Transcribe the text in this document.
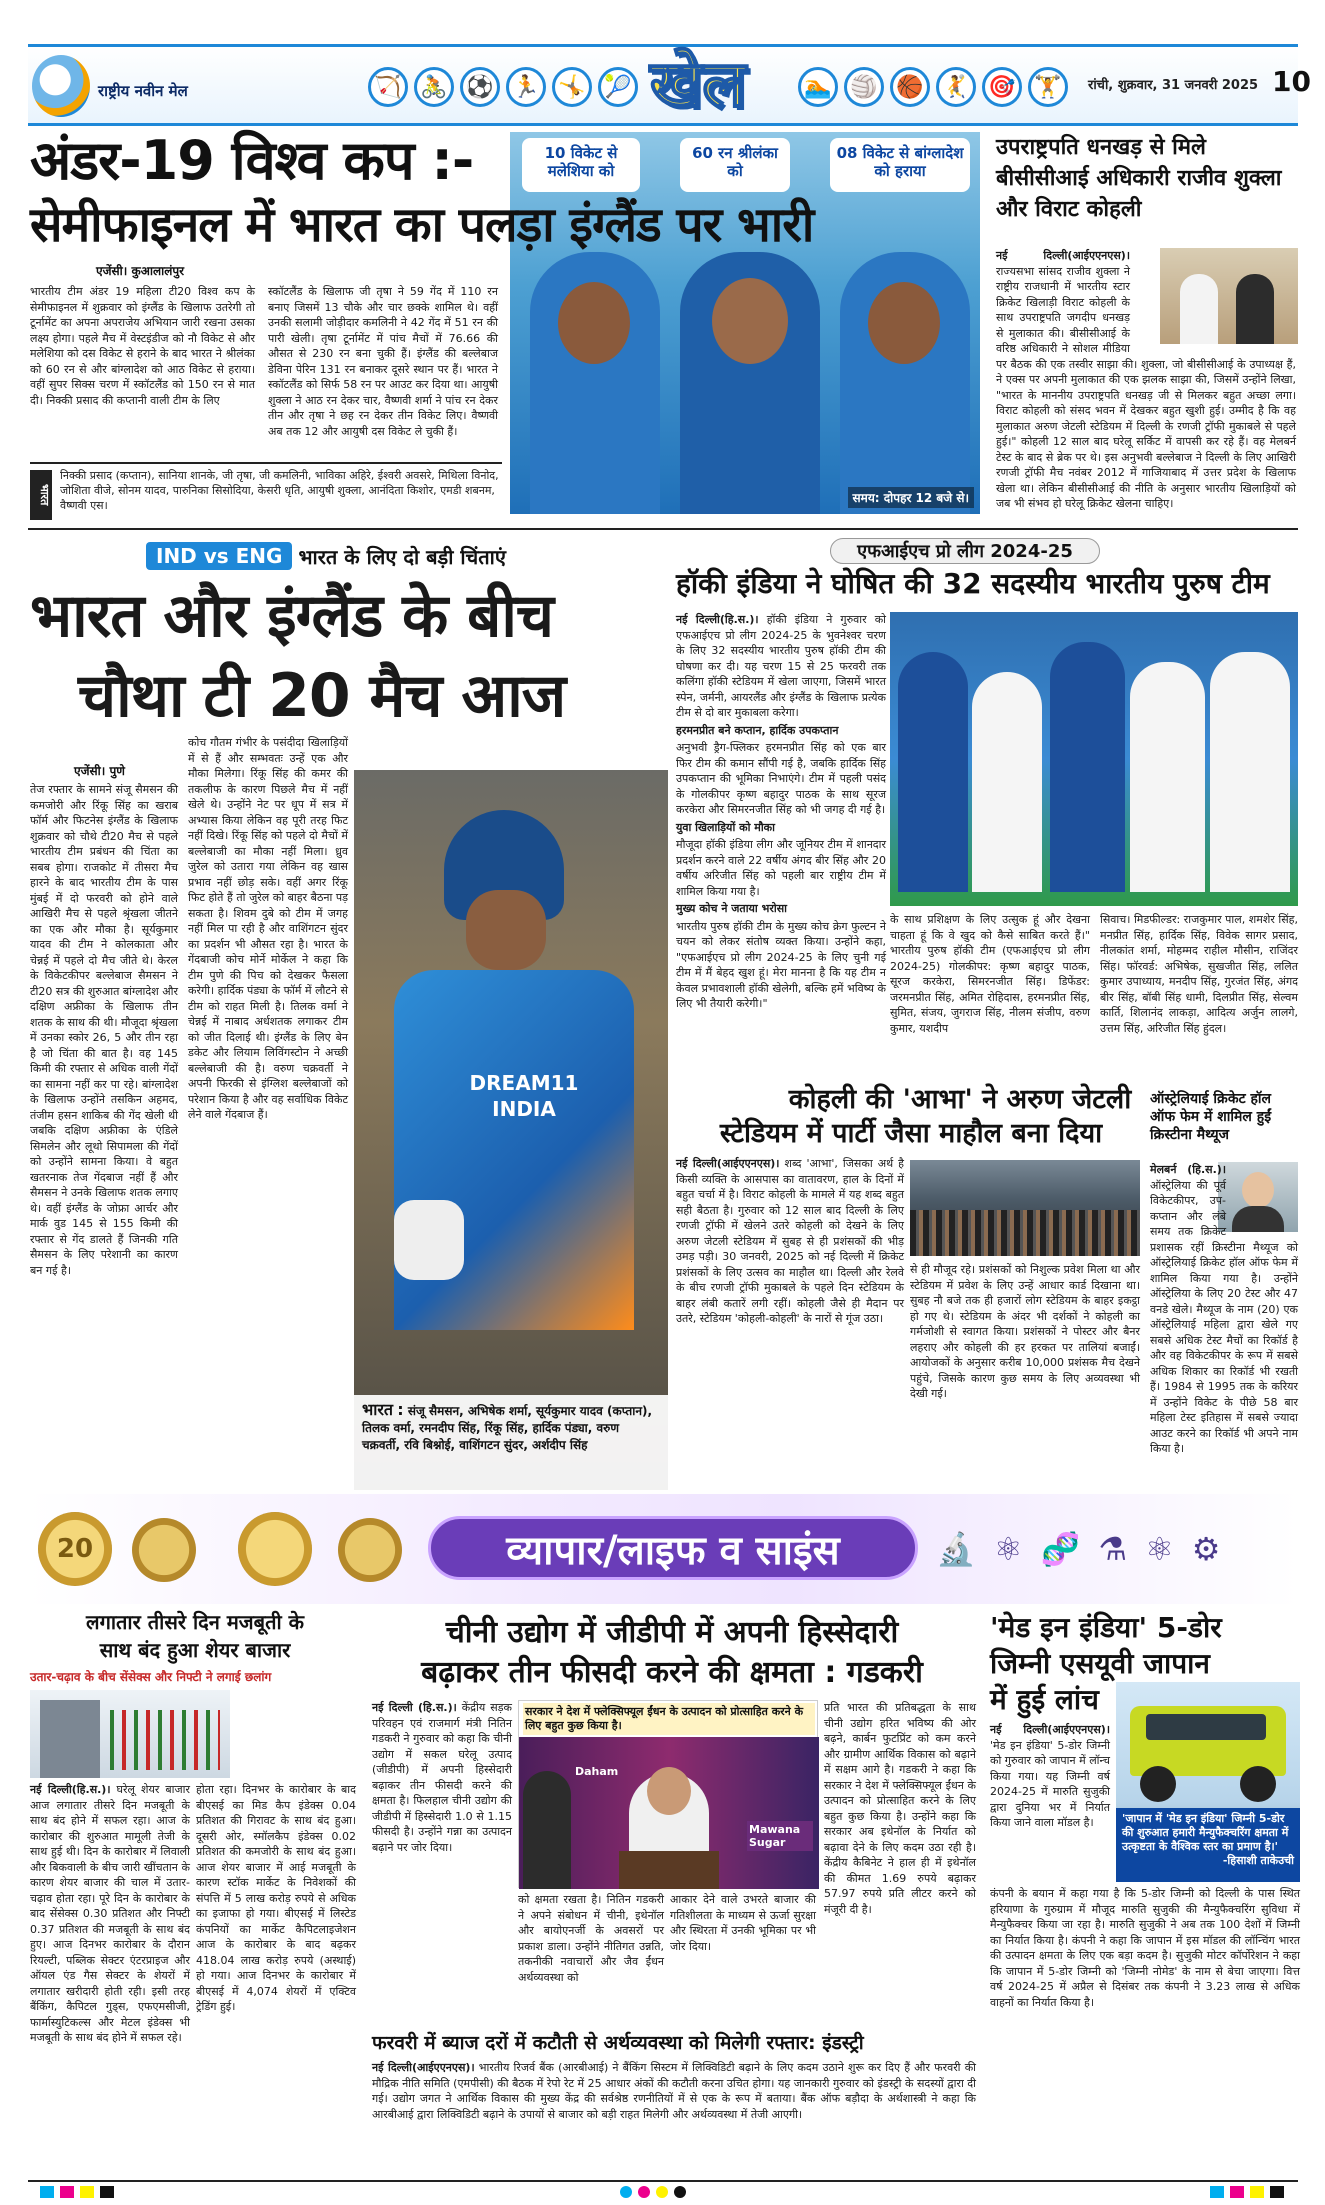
राष्ट्रीय नवीन मेल	🏹 🚴 ⚽ 🏃 🤸 🎾 खेल	🏊 🏐 🏀 🤾 🎯 🏋	रांची, शुक्रवार, 31 जनवरी 2025 10
अंडर-19 विश्व कप :-
सेमीफाइनल में भारत का पलड़ा इंग्लैंड पर भारी
10 विकेट से मलेशिया को
60 रन श्रीलंका को
08 विकेट से बांग्लादेश को हराया
समय: दोपहर 12 बजे से।
एजेंसी। कुआलालंपुर
भारतीय टीम अंडर 19 महिला टी20 विश्व कप के सेमीफाइनल में शुक्रवार को इंग्लैंड के खिलाफ उतरेगी तो टूर्नामेंट का अपना अपराजेय अभियान जारी रखना उसका लक्ष्य होगा। पहले मैच में वेस्टइंडीज को नौ विकेट से और मलेशिया को दस विकेट से हराने के बाद भारत ने श्रीलंका को 60 रन से और बांग्लादेश को आठ विकेट से हराया। वहीं सुपर सिक्स चरण में स्कॉटलैंड को 150 रन से मात दी। निक्की प्रसाद की कप्तानी वाली टीम के लिए
स्कॉटलैंड के खिलाफ जी तृषा ने 59 गेंद में 110 रन बनाए जिसमें 13 चौके और चार छक्के शामिल थे। वहीं उनकी सलामी जोड़ीदार कमलिनी ने 42 गेंद में 51 रन की पारी खेली। तृषा टूर्नामेंट में पांच मैचों में 76.66 की औसत से 230 रन बना चुकी हैं। इंग्लैंड की बल्लेबाज डेविना पेरिन 131 रन बनाकर दूसरे स्थान पर हैं। भारत ने स्कॉटलैंड को सिर्फ 58 रन पर आउट कर दिया था। आयुषी शुक्ला ने आठ रन देकर चार, वैष्णवी शर्मा ने पांच रन देकर तीन और तृषा ने छह रन देकर तीन विकेट लिए। वैष्णवी अब तक 12 और आयुषी दस विकेट ले चुकी हैं।
भारत
निक्की प्रसाद (कप्तान), सानिया शानके, जी तृषा, जी कमलिनी, भाविका अहिरे, ईश्वरी अवसरे, मिथिला विनोद, जोशिता वीजे, सोनम यादव, पारुनिका सिसोदिया, केसरी धृति, आयुषी शुक्ला, आनंदिता किशोर, एमडी शबनम, वैष्णवी एस।
उपराष्ट्रपति धनखड़ से मिले बीसीसीआई अधिकारी राजीव शुक्ला और विराट कोहली
नई दिल्ली(आईएएनएस)। राज्यसभा सांसद राजीव शुक्ला ने राष्ट्रीय राजधानी में भारतीय स्टार क्रिकेट खिलाड़ी विराट कोहली के साथ उपराष्ट्रपति जगदीप धनखड़ से मुलाकात की। बीसीसीआई के वरिष्ठ अधिकारी ने सोशल मीडिया पर बैठक की एक तस्वीर साझा की। शुक्ला, जो बीसीसीआई के उपाध्यक्ष हैं, ने एक्स पर अपनी मुलाकात की एक झलक साझा की, जिसमें उन्होंने लिखा, "भारत के माननीय उपराष्ट्रपति धनखड़ जी से मिलकर बहुत अच्छा लगा। विराट कोहली को संसद भवन में देखकर बहुत खुशी हुई। उम्मीद है कि वह मुलाकात अरुण जेटली स्टेडियम में दिल्ली के रणजी ट्रॉफी मुकाबले से पहले हुई।" कोहली 12 साल बाद घरेलू सर्किट में वापसी कर रहे हैं। वह मेलबर्न टेस्ट के बाद से ब्रेक पर थे। इस अनुभवी बल्लेबाज ने दिल्ली के लिए आखिरी रणजी ट्रॉफी मैच नवंबर 2012 में गाजियाबाद में उत्तर प्रदेश के खिलाफ खेला था। लेकिन बीसीसीआई की नीति के अनुसार भारतीय खिलाड़ियों को जब भी संभव हो घरेलू क्रिकेट खेलना चाहिए।
IND vs ENG भारत के लिए दो बड़ी चिंताएं
भारत और इंग्लैंड के बीच
चौथा टी 20 मैच आज
एजेंसी। पुणे
तेज रफ्तार के सामने संजू सैमसन की कमजोरी और रिंकू सिंह का खराब फॉर्म और फिटनेस इंग्लैंड के खिलाफ शुक्रवार को चौथे टी20 मैच से पहले भारतीय टीम प्रबंधन की चिंता का सबब होगा। राजकोट में तीसरा मैच हारने के बाद भारतीय टीम के पास मुंबई में दो फरवरी को होने वाले आखिरी मैच से पहले श्रृंखला जीतने का एक और मौका है। सूर्यकुमार यादव की टीम ने कोलकाता और चेन्नई में पहले दो मैच जीते थे। केरल के विकेटकीपर बल्लेबाज सैमसन ने टी20 सत्र की शुरुआत बांग्लादेश और दक्षिण अफ्रीका के खिलाफ तीन शतक के साथ की थी। मौजूदा श्रृंखला में उनका स्कोर 26, 5 और तीन रहा है जो चिंता की बात है। वह 145 किमी की रफ्तार से अधिक वाली गेंदों का सामना नहीं कर पा रहे। बांग्लादेश के खिलाफ उन्होंने तसकिन अहमद, तंजीम हसन शाकिब की गेंद खेली थी जबकि दक्षिण अफ्रीका के एंडिले सिमलेन और लूथो सिपामला की गेंदों को उन्होंने सामना किया। वे बहुत खतरनाक तेज गेंदबाज नहीं हैं और सैमसन ने उनके खिलाफ शतक लगाए थे। वहीं इंग्लैंड के जोफ्रा आर्चर और मार्क वुड 145 से 155 किमी की रफ्तार से गेंद डालते हैं जिनकी गति सैमसन के लिए परेशानी का कारण बन गई है।
कोच गौतम गंभीर के पसंदीदा खिलाड़ियों में से हैं और सम्भवतः उन्हें एक और मौका मिलेगा। रिंकू सिंह की कमर की तकलीफ के कारण पिछले मैच में नहीं खेले थे। उन्होंने नेट पर धूप में सत्र में अभ्यास किया लेकिन वह पूरी तरह फिट नहीं दिखे। रिंकू सिंह को पहले दो मैचों में बल्लेबाजी का मौका नहीं मिला। ध्रुव जुरेल को उतारा गया लेकिन वह खास प्रभाव नहीं छोड़ सके। वहीं अगर रिंकू फिट होते हैं तो जुरेल को बाहर बैठना पड़ सकता है। शिवम दुबे को टीम में जगह नहीं मिल पा रही है और वाशिंगटन सुंदर का प्रदर्शन भी औसत रहा है। भारत के गेंदबाजी कोच मोर्ने मोर्केल ने कहा कि टीम पुणे की पिच को देखकर फैसला करेगी। हार्दिक पंड्या के फॉर्म में लौटने से टीम को राहत मिली है। तिलक वर्मा ने चेन्नई में नाबाद अर्धशतक लगाकर टीम को जीत दिलाई थी। इंग्लैंड के लिए बेन डकेट और लियाम लिविंगस्टोन ने अच्छी बल्लेबाजी की है। वरुण चक्रवर्ती ने अपनी फिरकी से इंग्लिश बल्लेबाजों को परेशान किया है और वह सर्वाधिक विकेट लेने वाले गेंदबाज हैं।
DREAM11 INDIA
भारत : संजू सैमसन, अभिषेक शर्मा, सूर्यकुमार यादव (कप्तान), तिलक वर्मा, रमनदीप सिंह, रिंकू सिंह, हार्दिक पंड्या, वरुण चक्रवर्ती, रवि बिश्नोई, वाशिंगटन सुंदर, अर्शदीप सिंह
एफआईएच प्रो लीग 2024-25
हॉकी इंडिया ने घोषित की 32 सदस्यीय भारतीय पुरुष टीम
नई दिल्ली(हि.स.)। हॉकी इंडिया ने गुरुवार को एफआईएच प्रो लीग 2024-25 के भुवनेश्वर चरण के लिए 32 सदस्यीय भारतीय पुरुष हॉकी टीम की घोषणा कर दी। यह चरण 15 से 25 फरवरी तक कलिंगा हॉकी स्टेडियम में खेला जाएगा, जिसमें भारत स्पेन, जर्मनी, आयरलैंड और इंग्लैंड के खिलाफ प्रत्येक टीम से दो बार मुकाबला करेगा।

हरमनप्रीत बने कप्तान, हार्दिक उपकप्तान

अनुभवी ड्रैग-फ्लिकर हरमनप्रीत सिंह को एक बार फिर टीम की कमान सौंपी गई है, जबकि हार्दिक सिंह उपकप्तान की भूमिका निभाएंगे। टीम में पहली पसंद के गोलकीपर कृष्ण बहादुर पाठक के साथ सूरज करकेरा और सिमरनजीत सिंह को भी जगह दी गई है।

युवा खिलाड़ियों को मौका

मौजूदा हॉकी इंडिया लीग और जूनियर टीम में शानदार प्रदर्शन करने वाले 22 वर्षीय अंगद बीर सिंह और 20 वर्षीय अरिजीत सिंह को पहली बार राष्ट्रीय टीम में शामिल किया गया है।

मुख्य कोच ने जताया भरोसा

भारतीय पुरुष हॉकी टीम के मुख्य कोच क्रेग फुल्टन ने चयन को लेकर संतोष व्यक्त किया। उन्होंने कहा, "एफआईएच प्रो लीग 2024-25 के लिए चुनी गई टीम में मैं बेहद खुश हूं। मेरा मानना है कि यह टीम न केवल प्रभावशाली हॉकी खेलेगी, बल्कि हमें भविष्य के लिए भी तैयारी करेगी।"

के साथ प्रशिक्षण के लिए उत्सुक हूं और देखना चाहता हूं कि वे खुद को कैसे साबित करते हैं।" भारतीय पुरुष हॉकी टीम (एफआईएच प्रो लीग 2024-25) गोलकीपर: कृष्ण बहादुर पाठक, सूरज करकेरा, सिमरनजीत सिंह। डिफेंडर: जरमनप्रीत सिंह, अमित रोहिदास, हरमनप्रीत सिंह, सुमित, संजय, जुगराज सिंह, नीलम संजीप, वरुण कुमार, यशदीप
सिवाच। मिडफील्डर: राजकुमार पाल, शमशेर सिंह, मनप्रीत सिंह, हार्दिक सिंह, विवेक सागर प्रसाद, नीलकांत शर्मा, मोहम्मद राहील मौसीन, राजिंदर सिंह। फॉरवर्ड: अभिषेक, सुखजीत सिंह, ललित कुमार उपाध्याय, मनदीप सिंह, गुरजंत सिंह, अंगद बीर सिंह, बॉबी सिंह धामी, दिलप्रीत सिंह, सेल्वम कार्ति, शिलानंद लाकड़ा, आदित्य अर्जुन लालगे, उत्तम सिंह, अरिजीत सिंह हुंदल।
कोहली की 'आभा' ने अरुण जेटली
स्टेडियम में पार्टी जैसा माहौल बना दिया
नई दिल्ली(आईएएनएस)। शब्द 'आभा', जिसका अर्थ है किसी व्यक्ति के आसपास का वातावरण, हाल के दिनों में बहुत चर्चा में है। विराट कोहली के मामले में यह शब्द बहुत सही बैठता है। गुरुवार को 12 साल बाद दिल्ली के लिए रणजी ट्रॉफी में खेलने उतरे कोहली को देखने के लिए अरुण जेटली स्टेडियम में सुबह से ही प्रशंसकों की भीड़ उमड़ पड़ी। 30 जनवरी, 2025 को नई दिल्ली में क्रिकेट प्रशंसकों के लिए उत्सव का माहौल था। दिल्ली और रेलवे के बीच रणजी ट्रॉफी मुकाबले के पहले दिन स्टेडियम के बाहर लंबी कतारें लगी रहीं। कोहली जैसे ही मैदान पर उतरे, स्टेडियम 'कोहली-कोहली' के नारों से गूंज उठा।
से ही मौजूद रहे। प्रशंसकों को निशुल्क प्रवेश मिला था और स्टेडियम में प्रवेश के लिए उन्हें आधार कार्ड दिखाना था। सुबह नौ बजे तक ही हजारों लोग स्टेडियम के बाहर इकट्ठा हो गए थे। स्टेडियम के अंदर भी दर्शकों ने कोहली का गर्मजोशी से स्वागत किया। प्रशंसकों ने पोस्टर और बैनर लहराए और कोहली की हर हरकत पर तालियां बजाईं। आयोजकों के अनुसार करीब 10,000 प्रशंसक मैच देखने पहुंचे, जिसके कारण कुछ समय के लिए अव्यवस्था भी देखी गई।
ऑस्ट्रेलियाई क्रिकेट हॉल ऑफ फेम में शामिल हुईं क्रिस्टीना मैथ्यूज
मेलबर्न (हि.स.)। ऑस्ट्रेलिया की पूर्व विकेटकीपर, उप-कप्तान और लंबे समय तक क्रिकेट प्रशासक रहीं क्रिस्टीना मैथ्यूज को ऑस्ट्रेलियाई क्रिकेट हॉल ऑफ फेम में शामिल किया गया है। उन्होंने ऑस्ट्रेलिया के लिए 20 टेस्ट और 47 वनडे खेले। मैथ्यूज के नाम (20) एक ऑस्ट्रेलियाई महिला द्वारा खेले गए सबसे अधिक टेस्ट मैचों का रिकॉर्ड है और वह विकेटकीपर के रूप में सबसे अधिक शिकार का रिकॉर्ड भी रखती हैं। 1984 से 1995 तक के करियर में उन्होंने विकेट के पीछे 58 बार महिला टेस्ट इतिहास में सबसे ज्यादा आउट करने का रिकॉर्ड भी अपने नाम किया है।
20	व्यापार/लाइफ व साइंस	🔬 ⚛ 🧬 ⚗ ⚛ ⚙
लगातार तीसरे दिन मजबूती के
साथ बंद हुआ शेयर बाजार
उतार-चढ़ाव के बीच सेंसेक्स और निफ्टी ने लगाई छलांग
नई दिल्ली(हि.स.)। घरेलू शेयर बाजार आज लगातार तीसरे दिन मजबूती के साथ बंद होने में सफल रहा। आज के कारोबार की शुरुआत मामूली तेजी के साथ हुई थी। दिन के कारोबार में लिवाली और बिकवाली के बीच जारी खींचतान के कारण शेयर बाजार की चाल में उतार-चढ़ाव होता रहा। पूरे दिन के कारोबार के बाद सेंसेक्स 0.30 प्रतिशत और निफ्टी 0.37 प्रतिशत की मजबूती के साथ बंद हुए। आज दिनभर कारोबार के दौरान रियल्टी, पब्लिक सेक्टर एंटरप्राइज और ऑयल एंड गैस सेक्टर के शेयरों में लगातार खरीदारी होती रही। इसी तरह बैंकिंग, कैपिटल गुड्स, एफएमसीजी, फार्मास्युटिकल्स और मेटल इंडेक्स भी मजबूती के साथ बंद होने में सफल रहे।
होता रहा। दिनभर के कारोबार के बाद बीएसई का मिड कैप इंडेक्स 0.04 प्रतिशत की गिरावट के साथ बंद हुआ। दूसरी ओर, स्मॉलकैप इंडेक्स 0.02 प्रतिशत की कमजोरी के साथ बंद हुआ। आज शेयर बाजार में आई मजबूती के कारण स्टॉक मार्केट के निवेशकों की संपत्ति में 5 लाख करोड़ रुपये से अधिक का इजाफा हो गया। बीएसई में लिस्टेड कंपनियों का मार्केट कैपिटलाइजेशन आज के कारोबार के बाद बढ़कर 418.04 लाख करोड़ रुपये (अस्थाई) हो गया। आज दिनभर के कारोबार में बीएसई में 4,074 शेयरों में एक्टिव ट्रेडिंग हुई।
चीनी उद्योग में जीडीपी में अपनी हिस्सेदारी
बढ़ाकर तीन फीसदी करने की क्षमता : गडकरी
नई दिल्ली (हि.स.)। केंद्रीय सड़क परिवहन एवं राजमार्ग मंत्री नितिन गडकरी ने गुरुवार को कहा कि चीनी उद्योग में सकल घरेलू उत्पाद (जीडीपी) में अपनी हिस्सेदारी बढ़ाकर तीन फीसदी करने की क्षमता है। फिलहाल चीनी उद्योग की जीडीपी में हिस्सेदारी 1.0 से 1.15 फीसदी है। उन्होंने गन्ना का उत्पादन बढ़ाने पर जोर दिया।
सरकार ने देश में फ्लेक्सिफ्यूल ईंधन के उत्पादन को प्रोत्साहित करने के लिए बहुत कुछ किया है।
Daham
Mawana Sugar
को क्षमता रखता है। नितिन गडकरी ने अपने संबोधन में चीनी, इथेनॉल और बायोएनर्जी के अवसरों पर प्रकाश डाला। उन्होंने नीतिगत उन्नति, तकनीकी नवाचारों और जैव ईंधन अर्थव्यवस्था को
आकार देने वाले उभरते बाजार की गतिशीलता के माध्यम से ऊर्जा सुरक्षा और स्थिरता में उनकी भूमिका पर भी जोर दिया।
प्रति भारत की प्रतिबद्धता के साथ चीनी उद्योग हरित भविष्य की ओर बढ़ने, कार्बन फुटप्रिंट को कम करने और ग्रामीण आर्थिक विकास को बढ़ाने में सक्षम आगे है। गडकरी ने कहा कि सरकार ने देश में फ्लेक्सिफ्यूल ईंधन के उत्पादन को प्रोत्साहित करने के लिए बहुत कुछ किया है। उन्होंने कहा कि सरकार अब इथेनॉल के निर्यात को बढ़ावा देने के लिए कदम उठा रही है। केंद्रीय कैबिनेट ने हाल ही में इथेनॉल की कीमत 1.69 रुपये बढ़ाकर 57.97 रुपये प्रति लीटर करने को मंजूरी दी है।
फरवरी में ब्याज दरों में कटौती से अर्थव्यवस्था को मिलेगी रफ्तार: इंडस्ट्री
नई दिल्ली(आईएएनएस)। भारतीय रिजर्व बैंक (आरबीआई) ने बैंकिंग सिस्टम में लिक्विडिटी बढ़ाने के लिए कदम उठाने शुरू कर दिए हैं और फरवरी की मौद्रिक नीति समिति (एमपीसी) की बैठक में रेपो रेट में 25 आधार अंकों की कटौती करना उचित होगा। यह जानकारी गुरुवार को इंडस्ट्री के सदस्यों द्वारा दी गई। उद्योग जगत ने आर्थिक विकास की मुख्य केंद्र की सर्वश्रेष्ठ रणनीतियों में से एक के रूप में बताया। बैंक ऑफ बड़ौदा के अर्थशास्त्री ने कहा कि आरबीआई द्वारा लिक्विडिटी बढ़ाने के उपायों से बाजार को बड़ी राहत मिलेगी और अर्थव्यवस्था में तेजी आएगी।
'मेड इन इंडिया' 5-डोर
जिम्नी एसयूवी जापान
में हुई लांच
'जापान में 'मेड इन इंडिया' जिम्नी 5-डोर की शुरुआत हमारी मैन्युफैक्चरिंग क्षमता में उत्कृष्टता के वैश्विक स्तर का प्रमाण है।'
-हिसाशी ताकेउची
नई दिल्ली(आईएएनएस)। 'मेड इन इंडिया' 5-डोर जिम्नी को गुरुवार को जापान में लॉन्च किया गया। यह जिम्नी वर्ष 2024-25 में मारुति सुजुकी द्वारा दुनिया भर में निर्यात किया जाने वाला मॉडल है।
कंपनी के बयान में कहा गया है कि 5-डोर जिम्नी को दिल्ली के पास स्थित हरियाणा के गुरुग्राम में मौजूद मारुति सुजुकी की मैन्युफैक्चरिंग सुविधा में मैन्युफैक्चर किया जा रहा है। मारुति सुजुकी ने अब तक 100 देशों में जिम्नी का निर्यात किया है। कंपनी ने कहा कि जापान में इस मॉडल की लॉन्चिंग भारत की उत्पादन क्षमता के लिए एक बड़ा कदम है। सुजुकी मोटर कॉर्पोरेशन ने कहा कि जापान में 5-डोर जिम्नी को 'जिम्नी नोमेड' के नाम से बेचा जाएगा। वित्त वर्ष 2024-25 में अप्रैल से दिसंबर तक कंपनी ने 3.23 लाख से अधिक वाहनों का निर्यात किया है।
